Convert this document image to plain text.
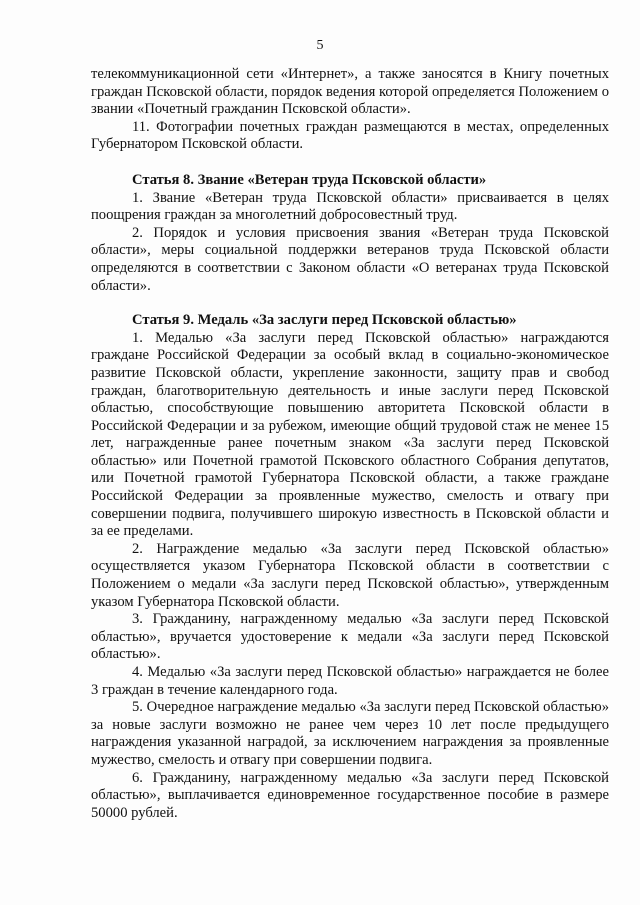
5

телекоммуникационной сети «Интернет», а также заносятся в Книгу почетных граждан Псковской области, порядок ведения которой определяется Положением о звании «Почетный гражданин Псковской области».

11. Фотографии почетных граждан размещаются в местах, определенных Губернатором Псковской области.

Статья 8. Звание «Ветеран труда Псковской области»

1. Звание «Ветеран труда Псковской области» присваивается в целях поощрения граждан за многолетний добросовестный труд.

2. Порядок и условия присвоения звания «Ветеран труда Псковской области», меры социальной поддержки ветеранов труда Псковской области определяются в соответствии с Законом области «О ветеранах труда Псковской области».

Статья 9. Медаль «За заслуги перед Псковской областью»

1. Медалью «За заслуги перед Псковской областью» награждаются граждане Российской Федерации за особый вклад в социально-экономическое развитие Псковской области, укрепление законности, защиту прав и свобод граждан, благотворительную деятельность и иные заслуги перед Псковской областью, способствующие повышению авторитета Псковской области в Российской Федерации и за рубежом, имеющие общий трудовой стаж не менее 15 лет, награжденные ранее почетным знаком «За заслуги перед Псковской областью» или Почетной грамотой Псковского областного Собрания депутатов, или Почетной грамотой Губернатора Псковской области, а также граждане Российской Федерации за проявленные мужество, смелость и отвагу при совершении подвига, получившего широкую известность в Псковской области и за ее пределами.

2. Награждение медалью «За заслуги перед Псковской областью» осуществляется указом Губернатора Псковской области в соответствии с Положением о медали «За заслуги перед Псковской областью», утвержденным указом Губернатора Псковской области.

3. Гражданину, награжденному медалью «За заслуги перед Псковской областью», вручается удостоверение к медали «За заслуги перед Псковской областью».

4. Медалью «За заслуги перед Псковской областью» награждается не более 3 граждан в течение календарного года.

5. Очередное награждение медалью «За заслуги перед Псковской областью» за новые заслуги возможно не ранее чем через 10 лет после предыдущего награждения указанной наградой, за исключением награждения за проявленные мужество, смелость и отвагу при совершении подвига.

6. Гражданину, награжденному медалью «За заслуги перед Псковской областью», выплачивается единовременное государственное пособие в размере 50000 рублей.
